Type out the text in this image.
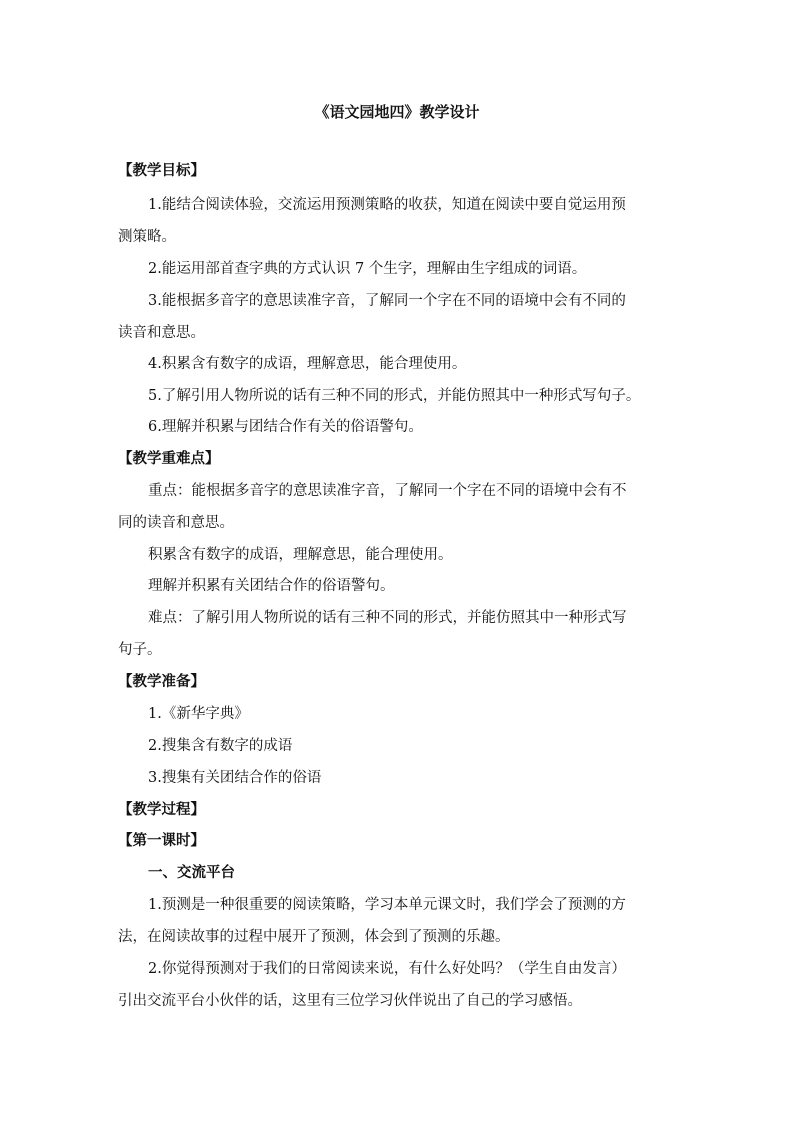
《语文园地四》教学设计
【教学目标】
1.能结合阅读体验，交流运用预测策略的收获，知道在阅读中要自觉运用预
测策略。
2.能运用部首查字典的方式认识 7 个生字，理解由生字组成的词语。
3.能根据多音字的意思读准字音，了解同一个字在不同的语境中会有不同的
读音和意思。
4.积累含有数字的成语，理解意思，能合理使用。
5.了解引用人物所说的话有三种不同的形式，并能仿照其中一种形式写句子。
6.理解并积累与团结合作有关的俗语警句。
【教学重难点】
重点：能根据多音字的意思读准字音，了解同一个字在不同的语境中会有不
同的读音和意思。
积累含有数字的成语，理解意思，能合理使用。
理解并积累有关团结合作的俗语警句。
难点：了解引用人物所说的话有三种不同的形式，并能仿照其中一种形式写
句子。
【教学准备】
1.《新华字典》
2.搜集含有数字的成语
3.搜集有关团结合作的俗语
【教学过程】
【第一课时】
一、交流平台
1.预测是一种很重要的阅读策略，学习本单元课文时，我们学会了预测的方
法，在阅读故事的过程中展开了预测，体会到了预测的乐趣。
2.你觉得预测对于我们的日常阅读来说，有什么好处吗？（学生自由发言）
引出交流平台小伙伴的话，这里有三位学习伙伴说出了自己的学习感悟。
